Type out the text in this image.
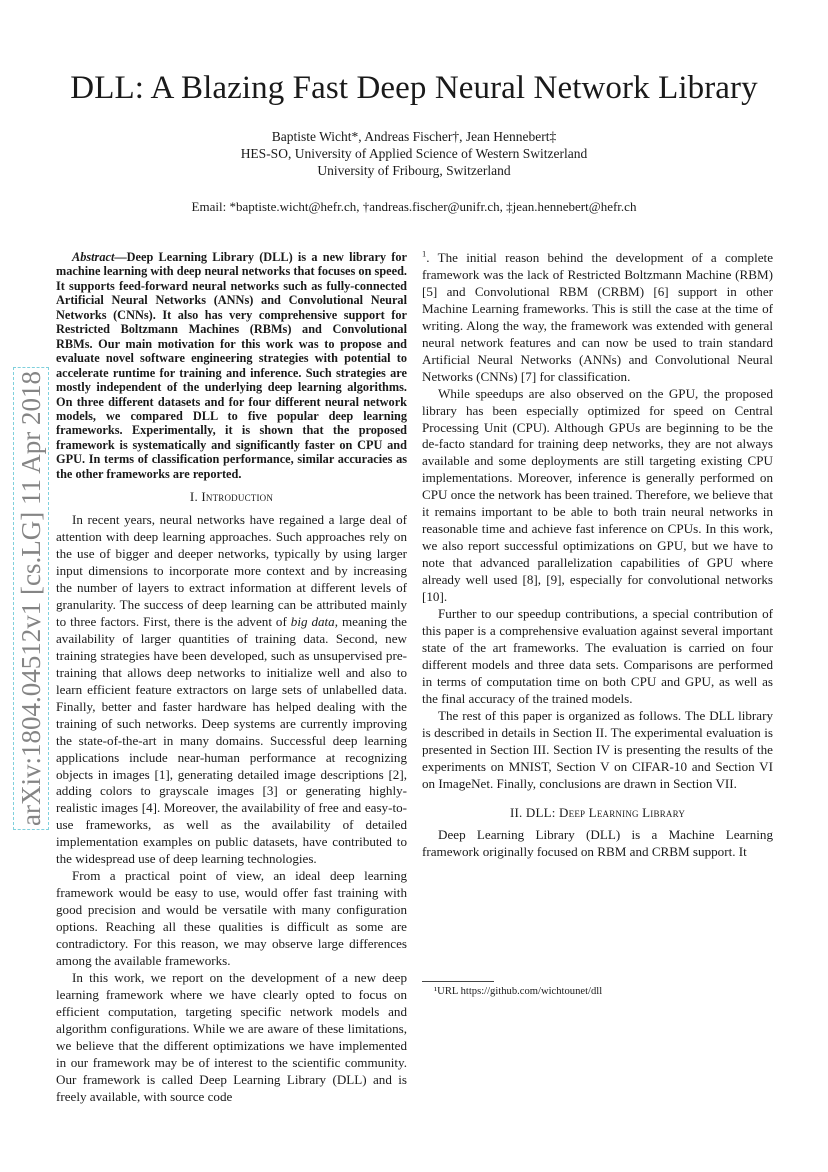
DLL: A Blazing Fast Deep Neural Network Library
Baptiste Wicht*, Andreas Fischer†, Jean Hennebert‡
HES-SO, University of Applied Science of Western Switzerland
University of Fribourg, Switzerland
Email: *baptiste.wicht@hefr.ch, †andreas.fischer@unifr.ch, ‡jean.hennebert@hefr.ch
arXiv:1804.04512v1 [cs.LG] 11 Apr 2018

Abstract—Deep Learning Library (DLL) is a new library for machine learning with deep neural networks that focuses on speed. It supports feed-forward neural networks such as fully-connected Artificial Neural Networks (ANNs) and Convolutional Neural Networks (CNNs). It also has very comprehensive support for Restricted Boltzmann Machines (RBMs) and Convolutional RBMs. Our main motivation for this work was to propose and evaluate novel software engineering strategies with potential to accelerate runtime for training and inference. Such strategies are mostly independent of the underlying deep learning algorithms. On three different datasets and for four different neural network models, we compared DLL to five popular deep learning frameworks. Experimentally, it is shown that the proposed framework is systematically and significantly faster on CPU and GPU. In terms of classification performance, similar accuracies as the other frameworks are reported.

I. Introduction

In recent years, neural networks have regained a large deal of attention with deep learning approaches. Such approaches rely on the use of bigger and deeper networks, typically by using larger input dimensions to incorporate more context and by increasing the number of layers to extract information at different levels of granularity. The success of deep learning can be attributed mainly to three factors. First, there is the advent of big data, meaning the availability of larger quantities of training data. Second, new training strategies have been developed, such as unsupervised pre-training that allows deep networks to initialize well and also to learn efficient feature extractors on large sets of unlabelled data. Finally, better and faster hardware has helped dealing with the training of such networks. Deep systems are currently improving the state-of-the-art in many domains. Successful deep learning applications include near-human performance at recognizing objects in images [1], generating detailed image descriptions [2], adding colors to grayscale images [3] or generating highly-realistic images [4]. Moreover, the availability of free and easy-to-use frameworks, as well as the availability of detailed implementation examples on public datasets, have contributed to the widespread use of deep learning technologies.

From a practical point of view, an ideal deep learning framework would be easy to use, would offer fast training with good precision and would be versatile with many configuration options. Reaching all these qualities is difficult as some are contradictory. For this reason, we may observe large differences among the available frameworks.

In this work, we report on the development of a new deep learning framework where we have clearly opted to focus on efficient computation, targeting specific network models and algorithm configurations. While we are aware of these limitations, we believe that the different optimizations we have implemented in our framework may be of interest to the scientific community. Our framework is called Deep Learning Library (DLL) and is freely available, with source code

$^1$. The initial reason behind the development of a complete framework was the lack of Restricted Boltzmann Machine (RBM) [5] and Convolutional RBM (CRBM) [6] support in other Machine Learning frameworks. This is still the case at the time of writing. Along the way, the framework was extended with general neural network features and can now be used to train standard Artificial Neural Networks (ANNs) and Convolutional Neural Networks (CNNs) [7] for classification.

While speedups are also observed on the GPU, the proposed library has been especially optimized for speed on Central Processing Unit (CPU). Although GPUs are beginning to be the de-facto standard for training deep networks, they are not always available and some deployments are still targeting existing CPU implementations. Moreover, inference is generally performed on CPU once the network has been trained. Therefore, we believe that it remains important to be able to both train neural networks in reasonable time and achieve fast inference on CPUs. In this work, we also report successful optimizations on GPU, but we have to note that advanced parallelization capabilities of GPU where already well used [8], [9], especially for convolutional networks [10].

Further to our speedup contributions, a special contribution of this paper is a comprehensive evaluation against several important state of the art frameworks. The evaluation is carried on four different models and three data sets. Comparisons are performed in terms of computation time on both CPU and GPU, as well as the final accuracy of the trained models.

The rest of this paper is organized as follows. The DLL library is described in details in Section II. The experimental evaluation is presented in Section III. Section IV is presenting the results of the experiments on MNIST, Section V on CIFAR-10 and Section VI on ImageNet. Finally, conclusions are drawn in Section VII.

II. DLL: Deep Learning Library

Deep Learning Library (DLL) is a Machine Learning framework originally focused on RBM and CRBM support. It

¹URL https://github.com/wichtounet/dll
